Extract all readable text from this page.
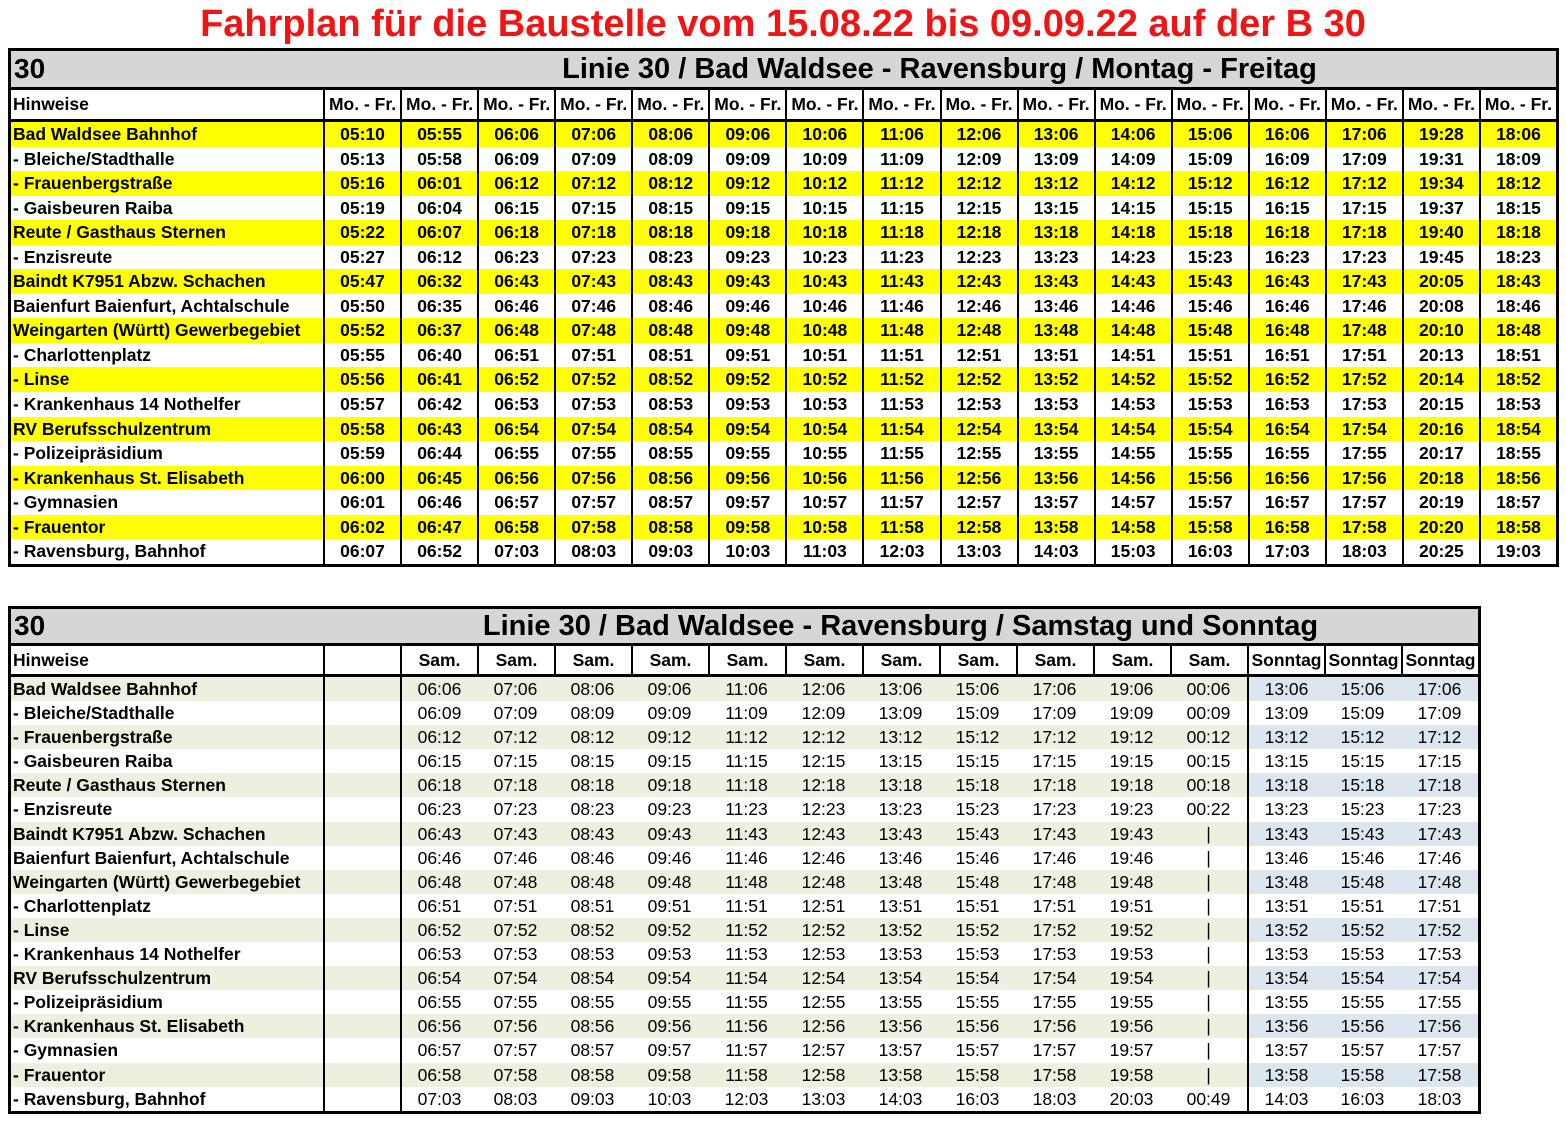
Fahrplan für die Baustelle vom 15.08.22 bis 09.09.22 auf der B 30
30	Linie 30 / Bad Waldsee - Ravensburg / Montag - Freitag
Hinweise	Mo. - Fr. Mo. - Fr. Mo. - Fr. Mo. - Fr. Mo. - Fr. Mo. - Fr. Mo. - Fr. Mo. - Fr. Mo. - Fr. Mo. - Fr. Mo. - Fr. Mo. - Fr. Mo. - Fr. Mo. - Fr. Mo. - Fr. Mo. - Fr.
Bad Waldsee Bahnhof	05:10	05:55	06:06	07:06	08:06	09:06	10:06	11:06	12:06	13:06	14:06	15:06	16:06	17:06	19:28	18:06
- Bleiche/Stadthalle	05:13	05:58	06:09	07:09	08:09	09:09	10:09	11:09	12:09	13:09	14:09	15:09	16:09	17:09	19:31	18:09
- Frauenbergstraße	05:16	06:01	06:12	07:12	08:12	09:12	10:12	11:12	12:12	13:12	14:12	15:12	16:12	17:12	19:34	18:12
- Gaisbeuren Raiba	05:19	06:04	06:15	07:15	08:15	09:15	10:15	11:15	12:15	13:15	14:15	15:15	16:15	17:15	19:37	18:15
Reute / Gasthaus Sternen	05:22	06:07	06:18	07:18	08:18	09:18	10:18	11:18	12:18	13:18	14:18	15:18	16:18	17:18	19:40	18:18
- Enzisreute	05:27	06:12	06:23	07:23	08:23	09:23	10:23	11:23	12:23	13:23	14:23	15:23	16:23	17:23	19:45	18:23
Baindt K7951 Abzw. Schachen	05:47	06:32	06:43	07:43	08:43	09:43	10:43	11:43	12:43	13:43	14:43	15:43	16:43	17:43	20:05	18:43
Baienfurt Baienfurt, Achtalschule	05:50	06:35	06:46	07:46	08:46	09:46	10:46	11:46	12:46	13:46	14:46	15:46	16:46	17:46	20:08	18:46
Weingarten (Württ) Gewerbegebiet	05:52	06:37	06:48	07:48	08:48	09:48	10:48	11:48	12:48	13:48	14:48	15:48	16:48	17:48	20:10	18:48
- Charlottenplatz	05:55	06:40	06:51	07:51	08:51	09:51	10:51	11:51	12:51	13:51	14:51	15:51	16:51	17:51	20:13	18:51
- Linse	05:56	06:41	06:52	07:52	08:52	09:52	10:52	11:52	12:52	13:52	14:52	15:52	16:52	17:52	20:14	18:52
- Krankenhaus 14 Nothelfer	05:57	06:42	06:53	07:53	08:53	09:53	10:53	11:53	12:53	13:53	14:53	15:53	16:53	17:53	20:15	18:53
RV Berufsschulzentrum	05:58	06:43	06:54	07:54	08:54	09:54	10:54	11:54	12:54	13:54	14:54	15:54	16:54	17:54	20:16	18:54
- Polizeipräsidium	05:59	06:44	06:55	07:55	08:55	09:55	10:55	11:55	12:55	13:55	14:55	15:55	16:55	17:55	20:17	18:55
- Krankenhaus St. Elisabeth	06:00	06:45	06:56	07:56	08:56	09:56	10:56	11:56	12:56	13:56	14:56	15:56	16:56	17:56	20:18	18:56
- Gymnasien	06:01	06:46	06:57	07:57	08:57	09:57	10:57	11:57	12:57	13:57	14:57	15:57	16:57	17:57	20:19	18:57
- Frauentor	06:02	06:47	06:58	07:58	08:58	09:58	10:58	11:58	12:58	13:58	14:58	15:58	16:58	17:58	20:20	18:58
- Ravensburg, Bahnhof	06:07	06:52	07:03	08:03	09:03	10:03	11:03	12:03	13:03	14:03	15:03	16:03	17:03	18:03	20:25	19:03
30	Linie 30 / Bad Waldsee - Ravensburg / Samstag und Sonntag
Hinweise	Sam.	Sam.	Sam.	Sam.	Sam.	Sam.	Sam.	Sam.	Sam.	Sam.	Sam.	Sonntag Sonntag Sonntag
Bad Waldsee Bahnhof	06:06	07:06	08:06	09:06	11:06	12:06	13:06	15:06	17:06	19:06	00:06	13:06	15:06	17:06
- Bleiche/Stadthalle	06:09	07:09	08:09	09:09	11:09	12:09	13:09	15:09	17:09	19:09	00:09	13:09	15:09	17:09
- Frauenbergstraße	06:12	07:12	08:12	09:12	11:12	12:12	13:12	15:12	17:12	19:12	00:12	13:12	15:12	17:12
- Gaisbeuren Raiba	06:15	07:15	08:15	09:15	11:15	12:15	13:15	15:15	17:15	19:15	00:15	13:15	15:15	17:15
Reute / Gasthaus Sternen	06:18	07:18	08:18	09:18	11:18	12:18	13:18	15:18	17:18	19:18	00:18	13:18	15:18	17:18
- Enzisreute	06:23	07:23	08:23	09:23	11:23	12:23	13:23	15:23	17:23	19:23	00:22	13:23	15:23	17:23
Baindt K7951 Abzw. Schachen	06:43	07:43	08:43	09:43	11:43	12:43	13:43	15:43	17:43	19:43	|	13:43	15:43	17:43
Baienfurt Baienfurt, Achtalschule	06:46	07:46	08:46	09:46	11:46	12:46	13:46	15:46	17:46	19:46	|	13:46	15:46	17:46
Weingarten (Württ) Gewerbegebiet	06:48	07:48	08:48	09:48	11:48	12:48	13:48	15:48	17:48	19:48	|	13:48	15:48	17:48
- Charlottenplatz	06:51	07:51	08:51	09:51	11:51	12:51	13:51	15:51	17:51	19:51	|	13:51	15:51	17:51
- Linse	06:52	07:52	08:52	09:52	11:52	12:52	13:52	15:52	17:52	19:52	|	13:52	15:52	17:52
- Krankenhaus 14 Nothelfer	06:53	07:53	08:53	09:53	11:53	12:53	13:53	15:53	17:53	19:53	|	13:53	15:53	17:53
RV Berufsschulzentrum	06:54	07:54	08:54	09:54	11:54	12:54	13:54	15:54	17:54	19:54	|	13:54	15:54	17:54
- Polizeipräsidium	06:55	07:55	08:55	09:55	11:55	12:55	13:55	15:55	17:55	19:55	|	13:55	15:55	17:55
- Krankenhaus St. Elisabeth	06:56	07:56	08:56	09:56	11:56	12:56	13:56	15:56	17:56	19:56	|	13:56	15:56	17:56
- Gymnasien	06:57	07:57	08:57	09:57	11:57	12:57	13:57	15:57	17:57	19:57	|	13:57	15:57	17:57
- Frauentor	06:58	07:58	08:58	09:58	11:58	12:58	13:58	15:58	17:58	19:58	|	13:58	15:58	17:58
- Ravensburg, Bahnhof	07:03	08:03	09:03	10:03	12:03	13:03	14:03	16:03	18:03	20:03	00:49	14:03	16:03	18:03
